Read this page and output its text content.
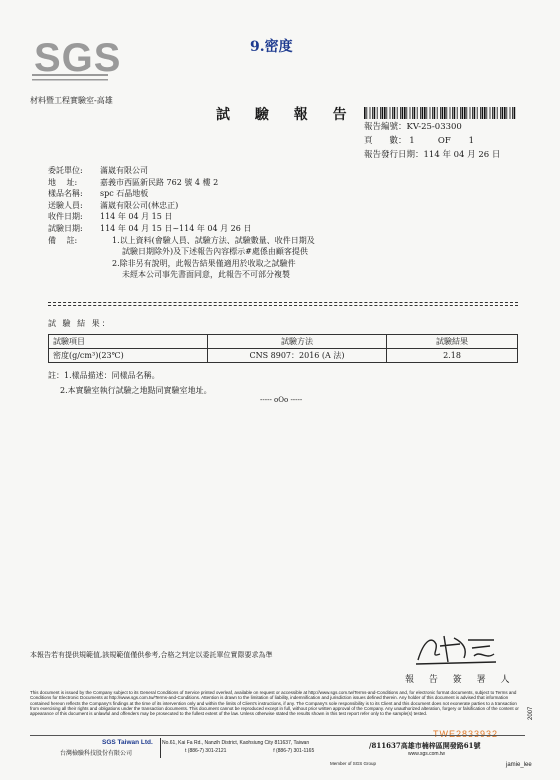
SGS	9.密度
材料暨工程實驗室-高雄
試 驗 報 告
報告編號：KV-25-03300
頁　　數： 1	OF 1
報告發行日期：114 年 04 月 26 日
委託單位: 滿崴有限公司
地　 址:	嘉義市西區新民路 762 號 4 樓 2
樣品名稱: spc 石晶地板
送驗人員: 滿崴有限公司(林忠正)
收件日期: 114 年 04 月 15 日
試驗日期: 114 年 04 月 15 日~114 年 04 月 26 日
備　 註:	1.以上資料(會驗人員、試驗方法、試驗數量、收件日期及
試驗日期除外)及下述報告內容標示#處係由顧客提供
2.除非另有說明，此報告結果僅適用於收取之試驗件
未經本公司事先書面同意，此報告不可部分複製
試 驗 結 果：
試驗項目	試驗方法	試驗結果
密度(g/cm³)(23℃)	CNS 8907：2016 (A 法)	2.18
註：1.樣品描述：同樣品名稱。
2.本實驗室執行試驗之地點同實驗室地址。
----- oOo -----
報 告 簽 署 人
本報告若有提供規範值,該規範值僅供參考,合格之判定以委託單位實際要求為準
This document is issued by the Company subject to its General Conditions of Service printed overleaf, available on request or accessible at http://www.sgs.com.tw/Terms-and-Conditions and, for electronic format documents, subject to Terms and Conditions for Electronic Documents at http://www.sgs.com.tw/Terms-and-Conditions. Attention is drawn to the limitation of liability, indemnification and jurisdiction issues defined therein. Any holder of this document is advised that information contained hereon reflects the Company's findings at the time of its intervention only and within the limits of Client's instructions, if any. The Company's sole responsibility is to its Client and this document does not exonerate parties to a transaction from exercising all their rights and obligations under the transaction documents. This document cannot be reproduced except in full, without prior written approval of the Company. Any unauthorized alteration, forgery or falsification of the content or appearance of this document is unlawful and offenders may be prosecuted to the fullest extent of the law. Unless otherwise stated the results shown in this test report refer only to the sample(s) tested.
TWE2833932
SGS Taiwan Ltd.
台灣檢驗科技股份有限公司
No.61, Kai Fa Rd., Nanzih District, Kaohsiung City 811637, Taiwan
t (886-7) 301-2121	f (886-7) 301-1165
/811637高雄市楠梓區開發路61號
www.sgs.com.tw
Member of SGS Group
2007
jamie_lee
